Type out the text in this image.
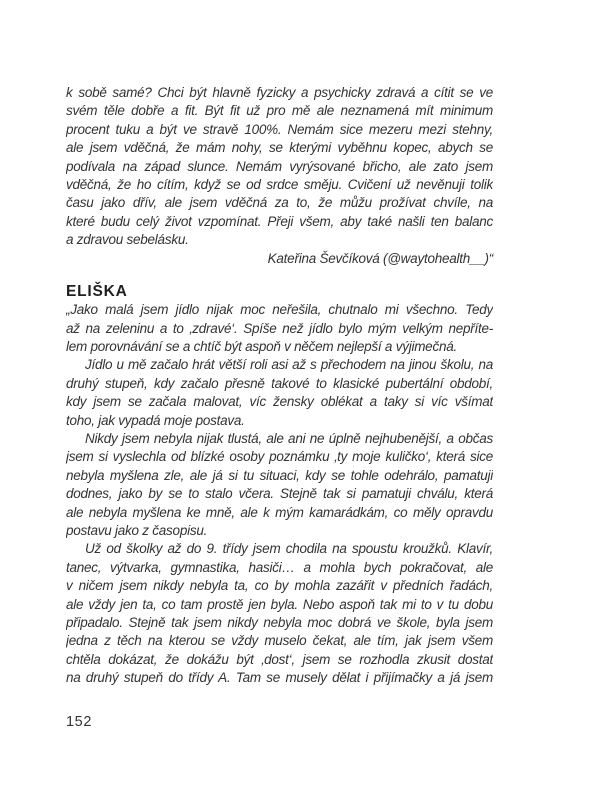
k sobě samé? Chci být hlavně fyzicky a psychicky zdravá a cítit se ve
svém těle dobře a fit. Být fit už pro mě ale neznamená mít minimum
procent tuku a být ve stravě 100%. Nemám sice mezeru mezi stehny,
ale jsem vděčná, že mám nohy, se kterými vyběhnu kopec, abych se
podívala na západ slunce. Nemám vyrýsované břicho, ale zato jsem
vděčná, že ho cítím, když se od srdce směju. Cvičení už nevěnuji tolik
času jako dřív, ale jsem vděčná za to, že můžu prožívat chvíle, na
které budu celý život vzpomínat. Přeji všem, aby také našli ten balanc
a zdravou sebelásku.
Kateřina Ševčíková (@waytohealth__)“
ELIŠKA
„Jako malá jsem jídlo nijak moc neřešila, chutnalo mi všechno. Tedy
až na zeleninu a to ‚zdravé‘. Spíše než jídlo bylo mým velkým nepříte-
lem porovnávání se a chtíč být aspoň v něčem nejlepší a výjimečná.
Jídlo u mě začalo hrát větší roli asi až s přechodem na jinou školu, na
druhý stupeň, kdy začalo přesně takové to klasické pubertální období,
kdy jsem se začala malovat, víc žensky oblékat a taky si víc všímat
toho, jak vypadá moje postava.
Nikdy jsem nebyla nijak tlustá, ale ani ne úplně nejhubenější, a občas
jsem si vyslechla od blízké osoby poznámku ‚ty moje kuličko‘, která sice
nebyla myšlena zle, ale já si tu situaci, kdy se tohle odehrálo, pamatuji
dodnes, jako by se to stalo včera. Stejně tak si pamatuji chválu, která
ale nebyla myšlena ke mně, ale k mým kamarádkám, co měly opravdu
postavu jako z časopisu.
Už od školky až do 9. třídy jsem chodila na spoustu kroužků. Klavír,
tanec, výtvarka, gymnastika, hasiči… a mohla bych pokračovat, ale
v ničem jsem nikdy nebyla ta, co by mohla zazářit v předních řadách,
ale vždy jen ta, co tam prostě jen byla. Nebo aspoň tak mi to v tu dobu
připadalo. Stejně tak jsem nikdy nebyla moc dobrá ve škole, byla jsem
jedna z těch na kterou se vždy muselo čekat, ale tím, jak jsem všem
chtěla dokázat, že dokážu být ‚dost‘, jsem se rozhodla zkusit dostat
na druhý stupeň do třídy A. Tam se musely dělat i přijímačky a já jsem
152
